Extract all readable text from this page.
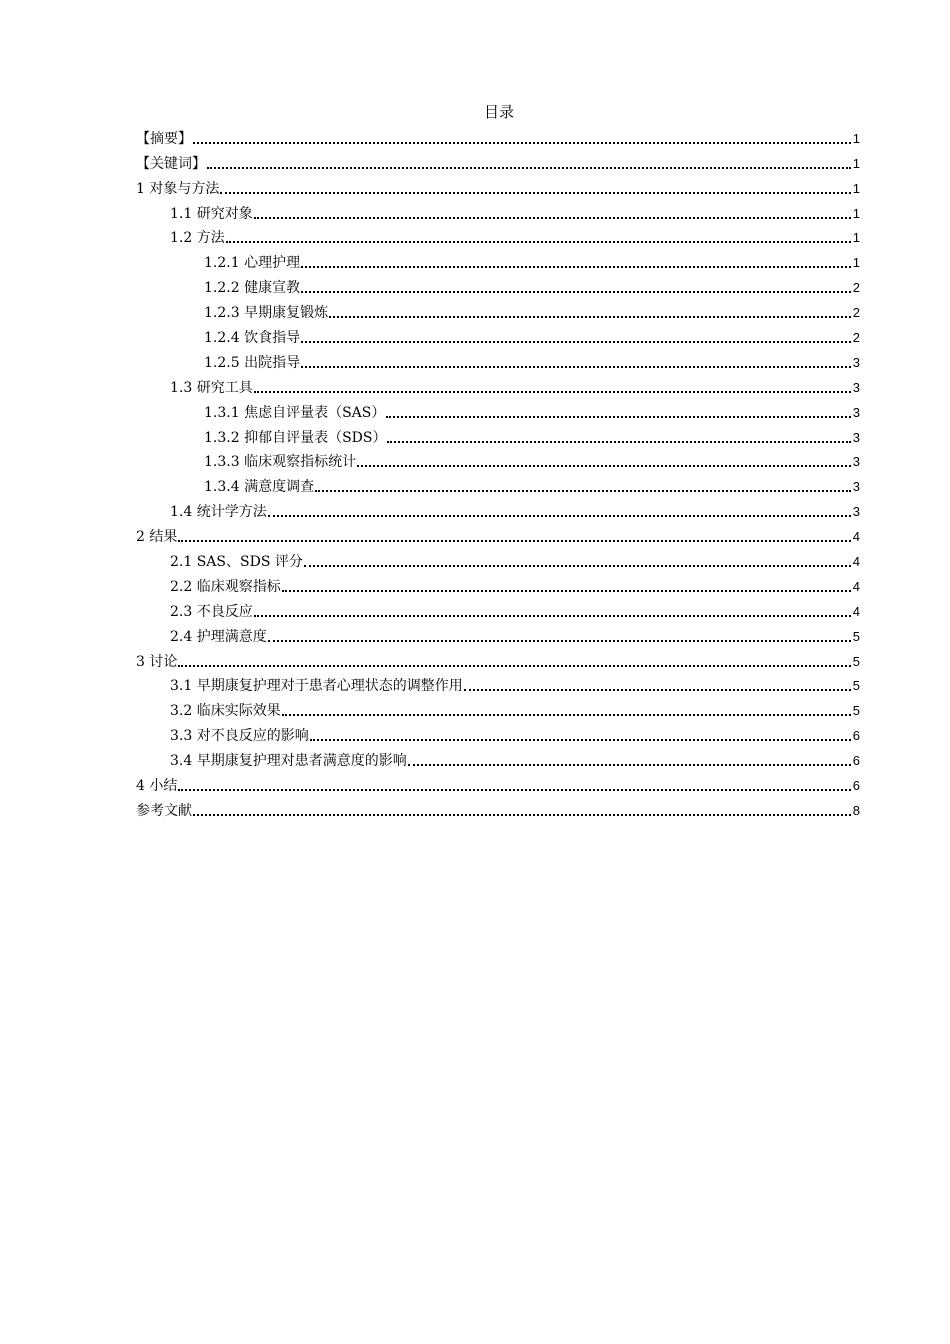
目录
【摘要】	1
【关键词】	1
1 对象与方法	1
1.1 研究对象	1
1.2 方法	1
1.2.1 心理护理	1
1.2.2 健康宣教	2
1.2.3 早期康复锻炼	2
1.2.4 饮食指导	2
1.2.5 出院指导	3
1.3 研究工具	3
1.3.1 焦虑自评量表（SAS）	3
1.3.2 抑郁自评量表（SDS）	3
1.3.3 临床观察指标统计	3
1.3.4 满意度调查	3
1.4 统计学方法	3
2 结果	4
2.1 SAS、SDS 评分	4
2.2 临床观察指标	4
2.3 不良反应	4
2.4 护理满意度	5
3 讨论	5
3.1 早期康复护理对于患者心理状态的调整作用	5
3.2 临床实际效果	5
3.3 对不良反应的影响	6
3.4 早期康复护理对患者满意度的影响	6
4 小结	6
参考文献	8
